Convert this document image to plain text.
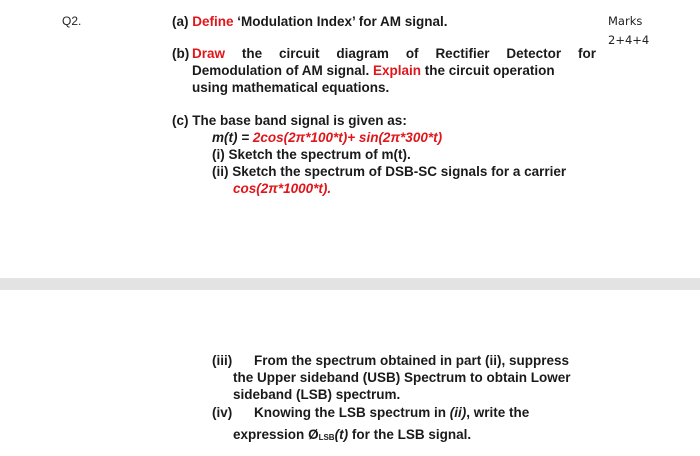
Q2.	Marks
2+4+4
(a) Define ‘Modulation Index’ for AM signal.
(b) Draw the circuit diagram of Rectifier Detector for
Demodulation of AM signal. Explain the circuit operation
using mathematical equations.
(c) The base band signal is given as:
m(t) = 2cos(2π*100*t)+ sin(2π*300*t)
(i) Sketch the spectrum of m(t).
(ii) Sketch the spectrum of DSB-SC signals for a carrier
cos(2π*1000*t).
(iii) From the spectrum obtained in part (ii), suppress
the Upper sideband (USB) Spectrum to obtain Lower
sideband (LSB) spectrum.
(iv) Knowing the LSB spectrum in (ii), write the
expression ØLSB(t) for the LSB signal.
